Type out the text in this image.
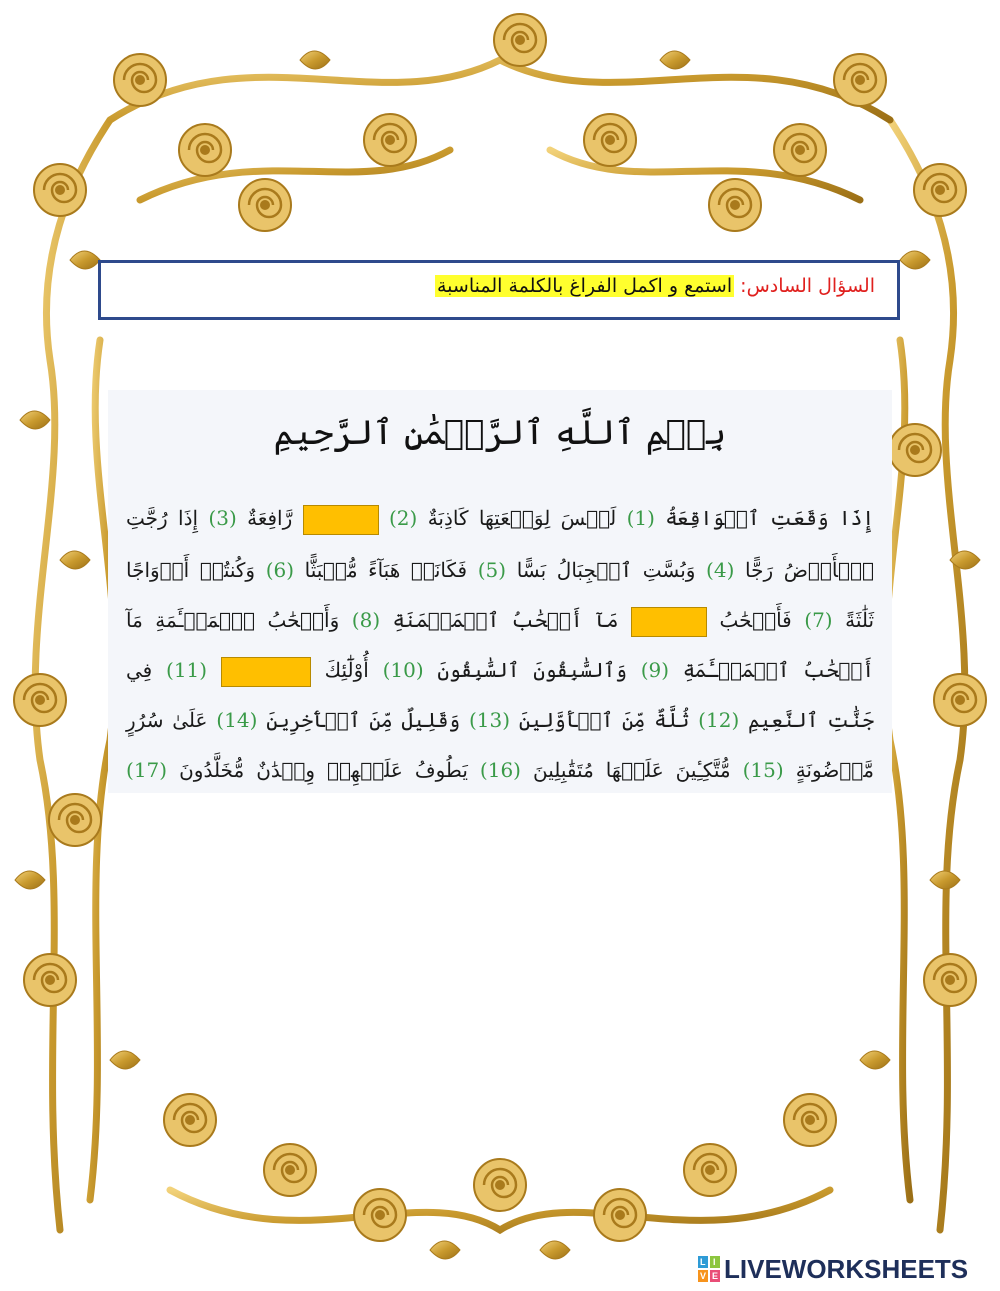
السؤال السادس: استمع و اكمل الفراغ بالكلمة المناسبة
بِسۡمِ ٱللَّهِ ٱلرَّحۡمَٰنِ ٱلرَّحِيمِ
إِذَا وَقَعَتِ ٱلۡوَاقِعَةُ (1) لَيۡسَ لِوَقۡعَتِهَا كَاذِبَةٌ (2)  رَّافِعَةٌ (3) إِذَا رُجَّتِ
ٱلۡأَرۡضُ رَجًّا (4) وَبُسَّتِ ٱلۡجِبَالُ بَسًّا (5) فَكَانَتۡ هَبَآءً مُّنۢبَثًّا (6) وَكُنتُمۡ أَزۡوَاجًا
ثَلَٰثَةً (7) فَأَصۡحَٰبُ  مَآ أَصۡحَٰبُ ٱلۡمَيۡمَنَةِ (8) وَأَصۡحَٰبُ ٱلۡمَشۡـَٔمَةِ مَآ
أَصۡحَٰبُ ٱلۡمَشۡـَٔمَةِ (9) وَٱلسَّٰبِقُونَ ٱلسَّٰبِقُونَ (10) أُوْلَٰٓئِكَ  (11) فِي
جَنَّٰتِ ٱلنَّعِيمِ (12) ثُلَّةٌ مِّنَ ٱلۡأَوَّلِينَ (13) وَقَلِيلٌ مِّنَ ٱلۡأٓخِرِينَ (14) عَلَىٰ سُرُرٍ
مَّوۡضُونَةٍ (15) مُّتَّكِـِٔينَ عَلَيۡهَا مُتَقَٰبِلِينَ (16) يَطُوفُ عَلَيۡهِمۡ وِلۡدَٰنٌ مُّخَلَّدُونَ (17)
L I
V E LIVEWORKSHEETS
